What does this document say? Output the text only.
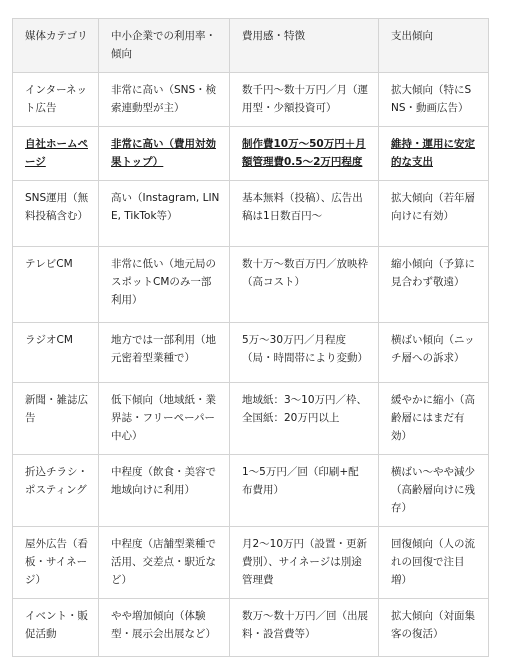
媒体カテゴリ	中小企業での利用率・傾向	費用感・特徴	支出傾向
インターネット広告	非常に高い（SNS・検索連動型が主）	数千円〜数十万円／月（運用型・少額投資可）	拡大傾向（特にSNS・動画広告）
自社ホームページ	非常に高い（費用対効果トップ）	制作費10万〜50万円＋月額管理費0.5〜2万円程度	維持・運用に安定的な支出
SNS運用（無料投稿含む）	高い（Instagram, LINE, TikTok等）	基本無料（投稿）、広告出稿は1日数百円〜	拡大傾向（若年層向けに有効）
テレビCM	非常に低い（地元局のスポットCMのみ一部利用）	数十万〜数百万円／放映枠（高コスト）	縮小傾向（予算に見合わず敬遠）
ラジオCM	地方では一部利用（地元密着型業種で）	5万〜30万円／月程度（局・時間帯により変動）	横ばい傾向（ニッチ層への訴求）
新聞・雑誌広告	低下傾向（地域紙・業界誌・フリーペーパー中心）	地域紙：3〜10万円／枠、全国紙：20万円以上	緩やかに縮小（高齢層にはまだ有効）
折込チラシ・ポスティング	中程度（飲食・美容で地域向けに利用）	1〜5万円／回（印刷+配布費用）	横ばい〜やや減少（高齢層向けに残存）
屋外広告（看板・サイネージ）	中程度（店舗型業種で活用、交差点・駅近など）	月2〜10万円（設置・更新費別）、サイネージは別途管理費	回復傾向（人の流れの回復で注目増）
イベント・販促活動	やや増加傾向（体験型・展示会出展など）	数万〜数十万円／回（出展料・設営費等）	拡大傾向（対面集客の復活）
